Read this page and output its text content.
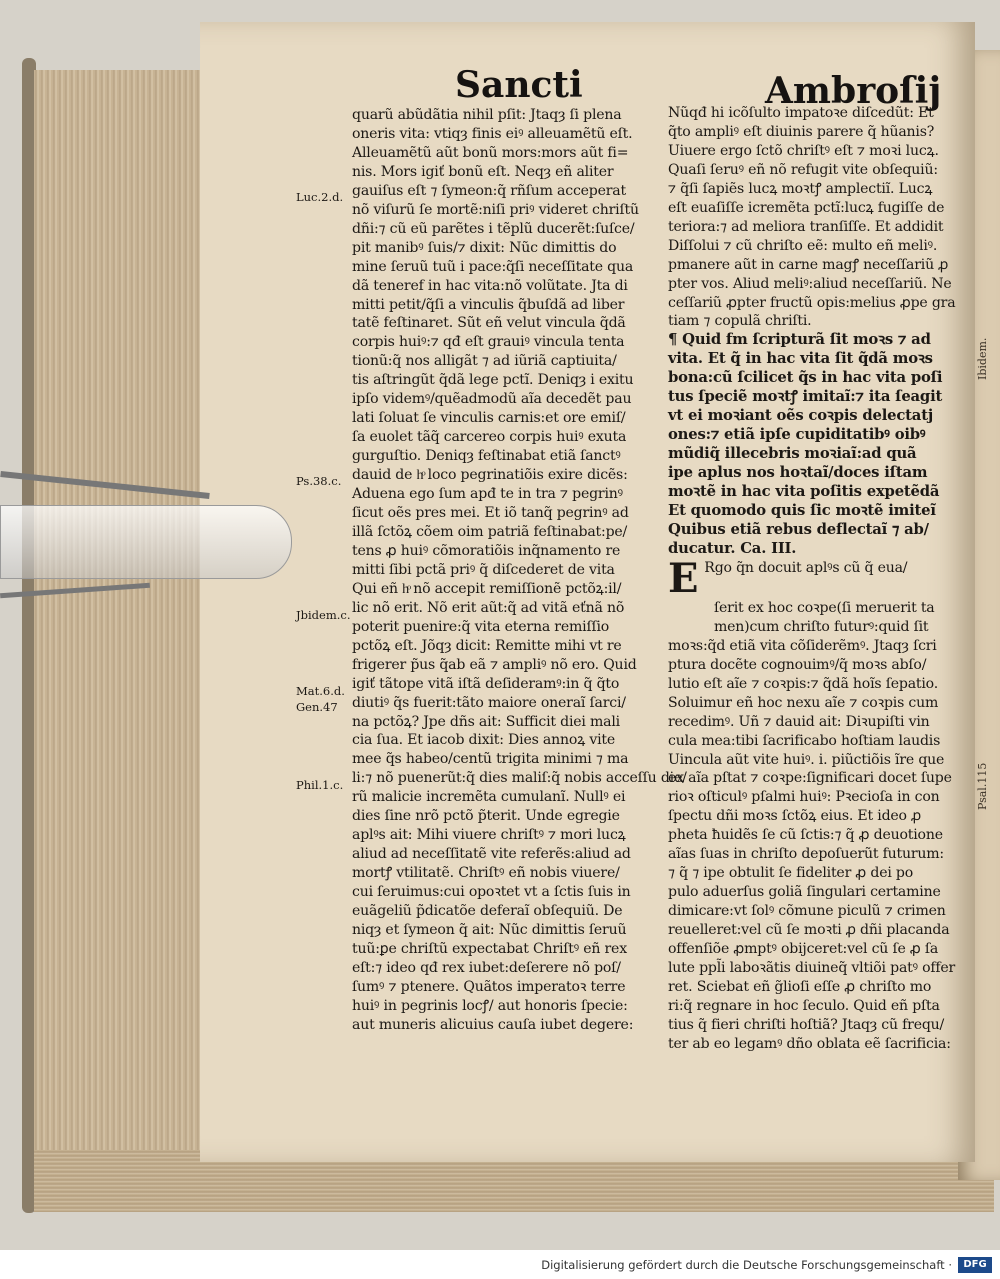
Ibidem.
Psal.115
Sancti	Ambroſij
Luc.2.d.
Ps.38.c.
Jbidem.c.
Mat.6.d.
Gen.47
Phil.1.c.
quarũ abũdãtia nihil pſit: Jtaqȝ ſi plena
oneris vita: vtiqȝ finis eiꝰ alleuamẽtũ eſt.
Alleuamẽtũ aũt bonũ mors:mors aũt fi=
nis. Mors igiť bonũ eſt. Neqȝ eñ aliter
gauiſus eſt ⁊ ſymeon:q̃ rñſum acceperat
nõ viſurũ ſe mortẽ:niſi priꝰ videret chriſtũ
dñi:⁊ cũ eũ parẽtes i tẽplũ ducerẽt:ſuſce/
pit manibꝰ ſuis/⁊ dixit: Nũc dimittis do
mine ſeruũ tuũ i pace:q̃ſi neceſſitate qua
dã teneref in hac vita:nõ volũtate. Jta di
mitti petit/q̃ſi a vinculis q̃buſdã ad liber
tatẽ feſtinaret. Sũt eñ velut vincula q̃dã
corpis huiꝰ:⁊ qđ eſt grauiꝰ vincula tenta
tionũ:q̃ nos alligãt ⁊ ad iũriã captiuita/
tis aſtringũt q̃dã lege pctĩ. Deniqȝ i exitu
ipſo videmꝰ/quẽadmodũ aĩa decedẽt pau
lati ſoluat ſe vinculis carnis:et ore emiſ/
ſa euolet tãq̃ carcereo corpis huiꝰ exuta
gurguſtio. Deniqȝ feſtinabat etiã ſanctꝰ
dauid de hͦ loco pegrinatiõis exire dicẽs:
Aduena ego ſum apđ te in tra ⁊ pegrinꝰ
ſicut oẽs pres mei. Et iõ tanq̃ pegrinꝰ ad
illã ſctõꝝ cõem oim patriã feſtinabat:pe/
tens ꝓ huiꝰ cõmoratiõis inq̃namento re
mitti ſibi pctã priꝰ q̃ diſcederet de vita
Qui eñ hͦ nõ accepit remiſſionẽ pctõꝝ:il/
lic nõ erit. Nõ erit aũt:q̃ ad vitã eťnã nõ
poterit puenire:q̃ vita eterna remiſſio
pctõꝝ eſt. Jõqȝ dicit: Remitte mihi vt re
frigerer p̃us q̃ab eã ⁊ ampliꝰ nõ ero. Quid
igiť tãtope vitã iſtã deſideramꝰ:in q̃ q̃to
diutiꝰ q̃s fuerit:tãto maiore oneraĩ ſarci/
na pctõꝝ? Jpe dñs ait: Sufficit diei mali
cia ſua. Et iacob dixit: Dies annoꝝ vite
mee q̃s habeo/centũ trigita minimi ⁊ ma
li:⁊ nõ puenerũt:q̃ dies maliſ:q̃ nobis acceſſu die/
rũ malicie incremẽta cumulanĩ. Nullꝰ ei
dies ſine nrõ pctõ p̃terit. Unde egregie
aplꝰs ait: Mihi viuere chriſtꝰ ⁊ mori lucꝝ
aliud ad neceſſitatẽ vite referẽs:aliud ad
mortꝭ vtilitatẽ. Chriſtꝰ eñ nobis viuere/
cui ſeruimus:cui opoꝛtet vt a ſctis ſuis in
euãgeliũ p̃dicatõe deferaĩ obſequiũ. De
niqȝ et ſymeon q̃ ait: Nũc dimittis ſeruũ
tuũ:ꝑe chriſtũ expectabat Chriſtꝰ eñ rex
eſt:⁊ ideo qđ rex iubet:deſerere nõ poſ/
ſumꝰ ⁊ ptenere. Quãtos imperatoꝛ terre
huiꝰ in pegrinis locꝭ/ aut honoris ſpecie:
aut muneris alicuius cauſa iubet degere:
Nũqđ hi icõſulto impatoꝛe diſcedũt: Et
q̃to ampliꝰ eſt diuinis parere q̃ hũanis?
Uiuere ergo ſctõ chriſtꝰ eſt ⁊ moꝛi lucꝝ.
Quaſi ſeruꝰ eñ nõ refugit vite obſequiũ:
⁊ q̃ſi ſapiẽs lucꝝ moꝛtꝭ amplectiĩ. Lucꝝ
eſt euaſiſſe icremẽta pctĩ:lucꝝ fugiſſe de
teriora:⁊ ad meliora tranſiſſe. Et addidit
Diſſolui ⁊ cũ chriſto eẽ: multo eñ meliꝰ.
pmanere aũt in carne magꝭ neceſſariũ ꝓ
pter vos. Aliud meliꝰ:aliud neceſſariũ. Ne
ceſſariũ ꝓpter fructũ opis:melius ꝓpe gra
tiam ⁊ copulã chriſti.
¶ Quid fm ſcripturã ſit moꝛs ⁊ ad
vita. Et q̃ in hac vita ſit q̃dã moꝛs
bona:cũ ſcilicet q̃s in hac vita poſi
tus ſpeciẽ moꝛtꝭ imitaĩ:⁊ ita ſeagit
vt ei moꝛiant oẽs coꝛpis delectatj
ones:⁊ etiã ipſe cupiditatibꝰ oibꝰ
mũdiq̃ illecebris moꝛiaĩ:ad quã
ipe aplus nos hoꝛtaĩ/doces iſtam
moꝛtẽ in hac vita poſitis expetẽdã
Et quomodo quis ſic moꝛtẽ imiteĩ
Quibus etiã rebus deflectaĩ ⁊ ab/
ducatur. Ca. III.
E Rgo q̃n docuit aplꝰs cũ q̃ eua/
ſerit ex hoc coꝛpe(ſi meruerit ta
men)cum chriſto futurꝰ:quid ſit
moꝛs:q̃d etiã vita cõſiderẽmꝰ. Jtaqȝ ſcri
ptura docẽte cognouimꝰ/q̃ moꝛs abſo/
lutio eſt aĩe ⁊ coꝛpis:⁊ q̃dã hoĩs ſepatio.
Soluimur eñ hoc nexu aĩe ⁊ coꝛpis cum
recedimꝰ. Uñ ⁊ dauid ait: Diꝛupiſti vin
cula mea:tibi ſacrificabo hoſtiam laudis
Uincula aũt vite huiꝰ. i. piũctiõis ĩre que
ex aĩa pſtat ⁊ coꝛpe:ſignificari docet ſupe
rioꝛ oſticulꝰ pſalmi huiꝰ: Pꝛecioſa in con
ſpectu dñi moꝛs ſctõꝝ eius. Et ideo ꝓ
pheta ħuidẽs ſe cũ ſctis:⁊ q̃ ꝓ deuotione
aĩas ſuas in chriſto depoſuerũt futurum:
⁊ q̃ ⁊ ipe obtulit ſe fideliter ꝓ dei po
pulo aduerſus goliã ſingulari certamine
dimicare:vt ſolꝰ cõmune piculũ ⁊ crimen
reuelleret:vel cũ ſe moꝛti ꝓ dñi placanda
offenſiõe ꝓmptꝰ obijceret:vel cũ ſe ꝓ ſa
lute ppl̃i laboꝛãtis diuineq̃ vltiõi patꝰ offer
ret. Sciebat eñ g̃lioſi eſſe ꝓ chriſto mo
ri:q̃ regnare in hoc ſeculo. Quid eñ pſta
tius q̃ fieri chriſti hoſtiã? Jtaqȝ cũ frequ/
ter ab eo legamꝰ dño oblata eẽ ſacrificia:
Digitalisierung gefördert durch die Deutsche Forschungsgemeinschaft ·	DFG
